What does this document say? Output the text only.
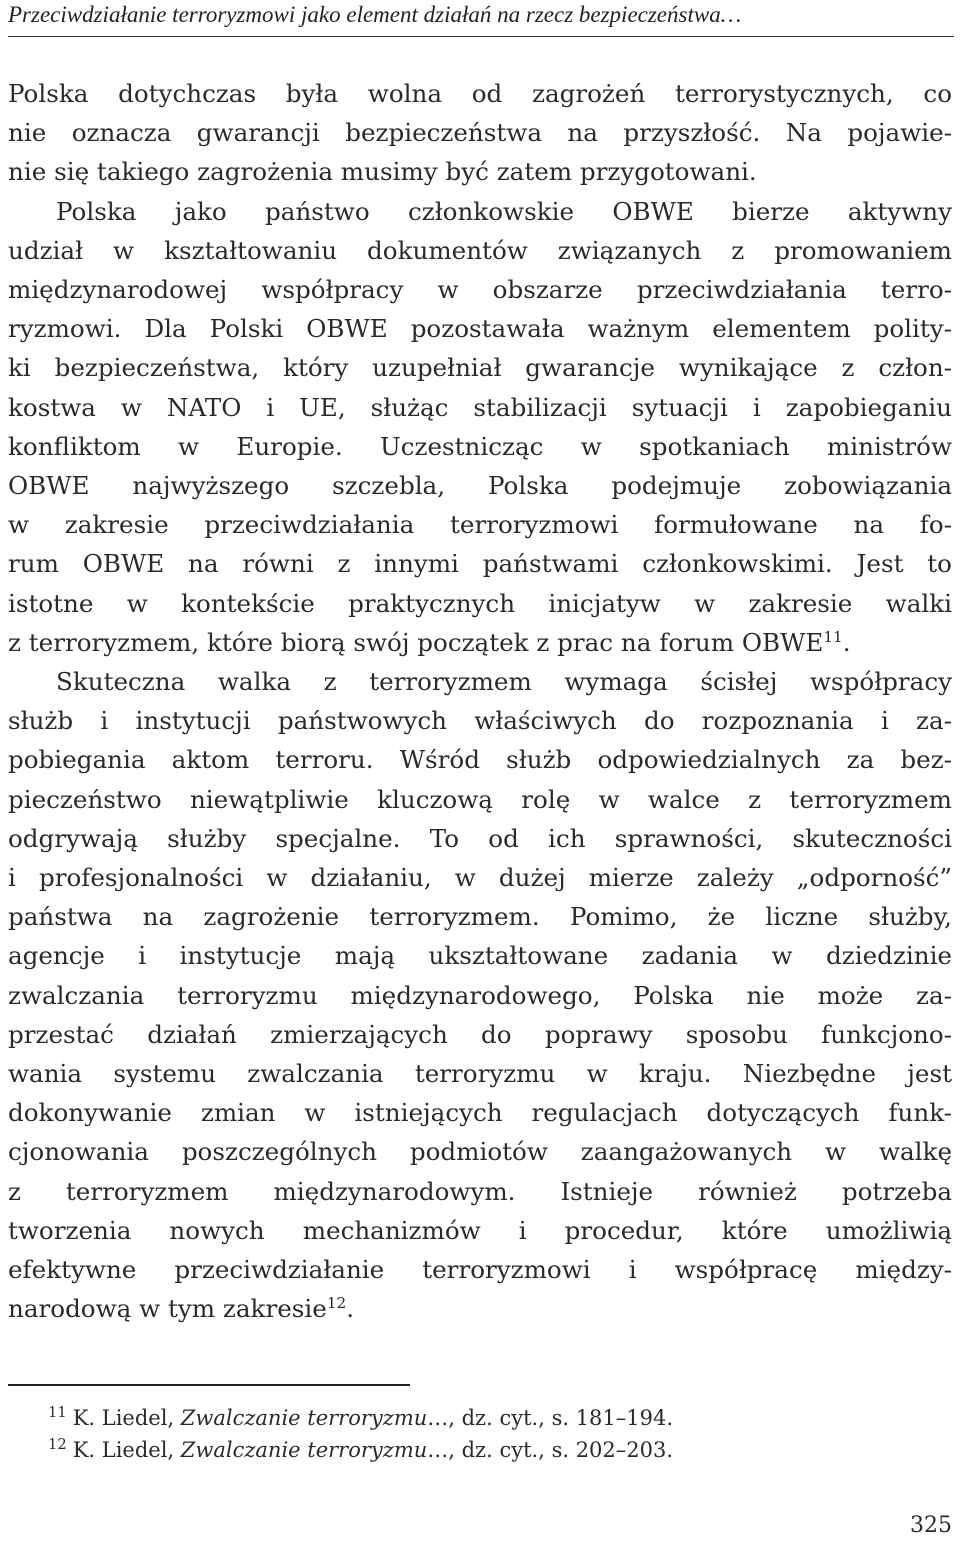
Przeciwdziałanie terroryzmowi jako element działań na rzecz bezpieczeństwa…
Polska dotychczas była wolna od zagrożeń terrorystycznych, co
nie oznacza gwarancji bezpieczeństwa na przyszłość. Na pojawie-
nie się takiego zagrożenia musimy być zatem przygotowani.
Polska jako państwo członkowskie OBWE bierze aktywny
udział w kształtowaniu dokumentów związanych z promowaniem
międzynarodowej współpracy w obszarze przeciwdziałania terro-
ryzmowi. Dla Polski OBWE pozostawała ważnym elementem polity-
ki bezpieczeństwa, który uzupełniał gwarancje wynikające z człon-
kostwa w NATO i UE, służąc stabilizacji sytuacji i zapobieganiu
konfliktom w Europie. Uczestnicząc w spotkaniach ministrów
OBWE najwyższego szczebla, Polska podejmuje zobowiązania
w zakresie przeciwdziałania terroryzmowi formułowane na fo-
rum OBWE na równi z innymi państwami członkowskimi. Jest to
istotne w kontekście praktycznych inicjatyw w zakresie walki
z terroryzmem, które biorą swój początek z prac na forum OBWE$^{11}$.
Skuteczna walka z terroryzmem wymaga ścisłej współpracy
służb i instytucji państwowych właściwych do rozpoznania i za-
pobiegania aktom terroru. Wśród służb odpowiedzialnych za bez-
pieczeństwo niewątpliwie kluczową rolę w walce z terroryzmem
odgrywają służby specjalne. To od ich sprawności, skuteczności
i profesjonalności w działaniu, w dużej mierze zależy „odporność”
państwa na zagrożenie terroryzmem. Pomimo, że liczne służby,
agencje i instytucje mają ukształtowane zadania w dziedzinie
zwalczania terroryzmu międzynarodowego, Polska nie może za-
przestać działań zmierzających do poprawy sposobu funkcjono-
wania systemu zwalczania terroryzmu w kraju. Niezbędne jest
dokonywanie zmian w istniejących regulacjach dotyczących funk-
cjonowania poszczególnych podmiotów zaangażowanych w walkę
z terroryzmem międzynarodowym. Istnieje również potrzeba
tworzenia nowych mechanizmów i procedur, które umożliwią
efektywne przeciwdziałanie terroryzmowi i współpracę między-
narodową w tym zakresie$^{12}$.
$^{11}$ K. Liedel, Zwalczanie terroryzmu…, dz. cyt., s. 181–194.
$^{12}$ K. Liedel, Zwalczanie terroryzmu…, dz. cyt., s. 202–203.
325
